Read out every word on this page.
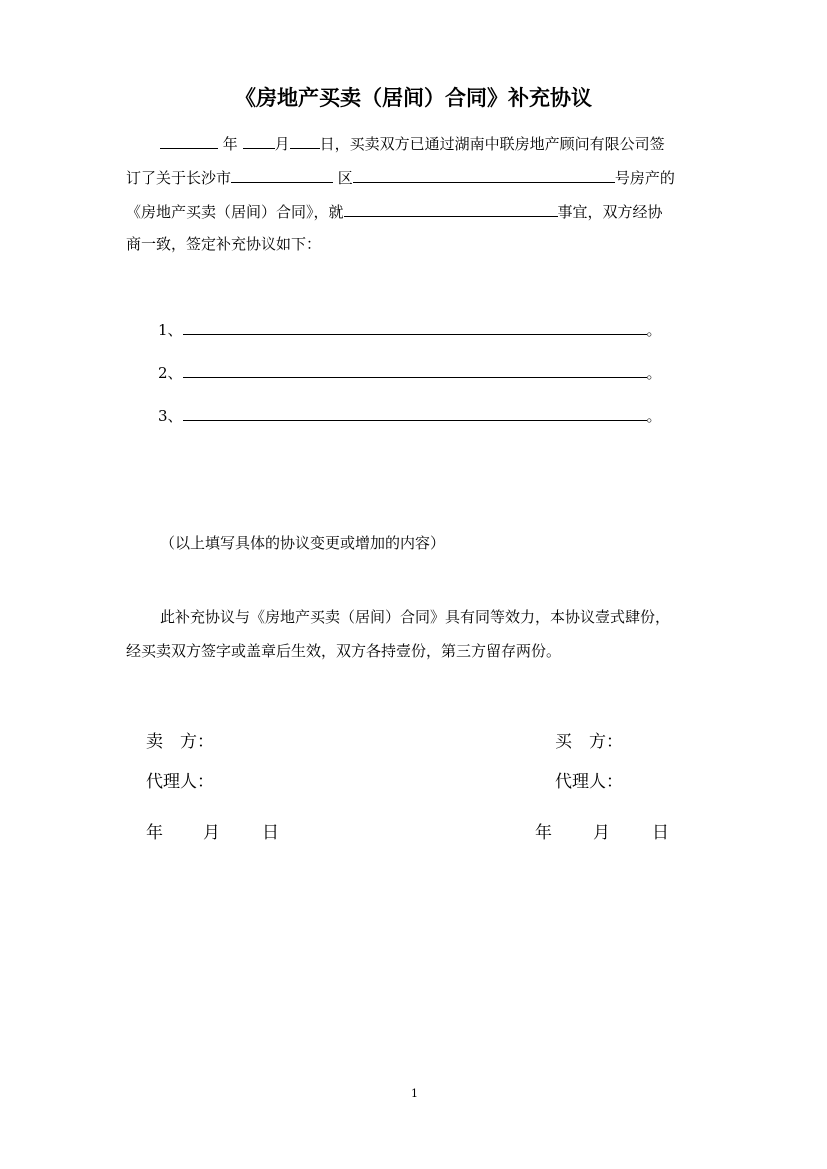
《房地产买卖（居间）合同》补充协议
年 月 日，买卖双方已通过湖南中联房地产顾问有限公司签
订了关于长沙市	区	号房产的
《房地产买卖（居间）合同》，就	事宜，双方经协
商一致，签定补充协议如下：
1、	。
2、	。
3、	。
（以上填写具体的协议变更或增加的内容）
此补充协议与《房地产买卖（居间）合同》具有同等效力，本协议壹式肆份，
经买卖双方签字或盖章后生效，双方各持壹份，第三方留存两份。
卖　方：	买　方：
代理人：	代理人：
年 月 日	年 月 日
1
